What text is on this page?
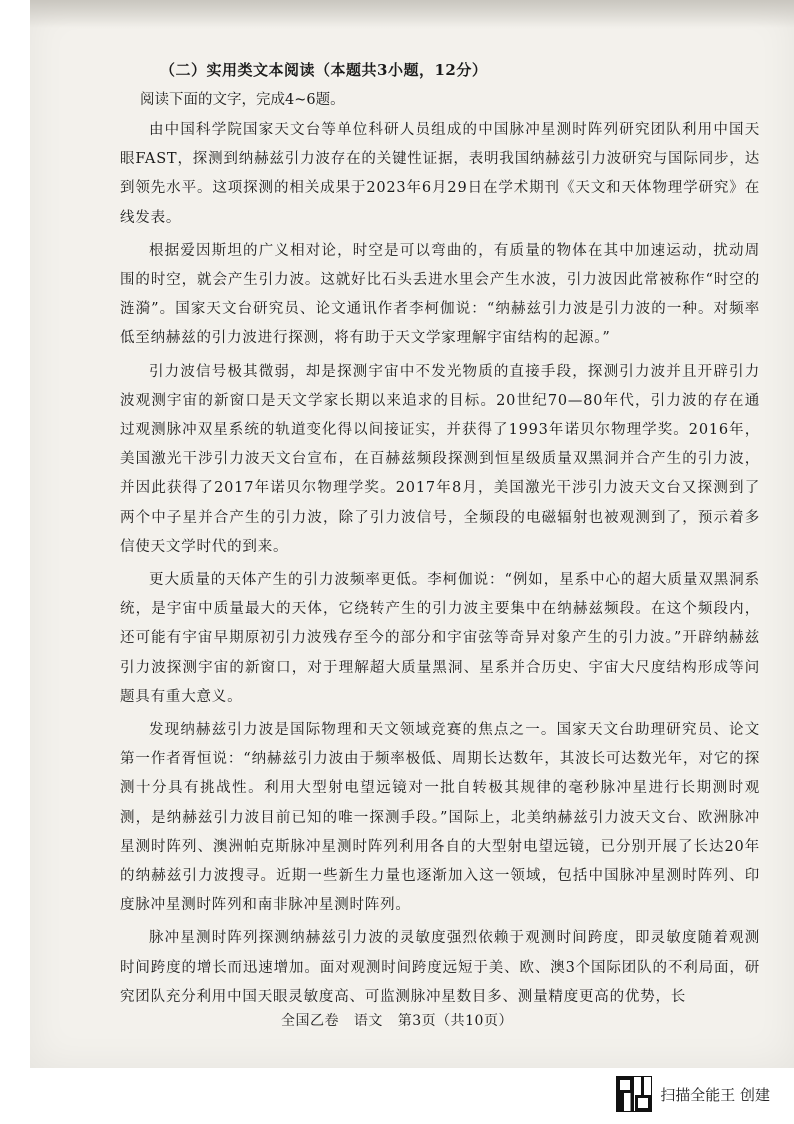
（二）实用类文本阅读（本题共3小题，12分）
阅读下面的文字，完成4~6题。

由中国科学院国家天文台等单位科研人员组成的中国脉冲星测时阵列研究团队利用中国天眼FAST，探测到纳赫兹引力波存在的关键性证据，表明我国纳赫兹引力波研究与国际同步，达到领先水平。这项探测的相关成果于2023年6月29日在学术期刊《天文和天体物理学研究》在线发表。

根据爱因斯坦的广义相对论，时空是可以弯曲的，有质量的物体在其中加速运动，扰动周围的时空，就会产生引力波。这就好比石头丢进水里会产生水波，引力波因此常被称作“时空的涟漪”。国家天文台研究员、论文通讯作者李柯伽说：“纳赫兹引力波是引力波的一种。对频率低至纳赫兹的引力波进行探测，将有助于天文学家理解宇宙结构的起源。”

引力波信号极其微弱，却是探测宇宙中不发光物质的直接手段，探测引力波并且开辟引力波观测宇宙的新窗口是天文学家长期以来追求的目标。20世纪70—80年代，引力波的存在通过观测脉冲双星系统的轨道变化得以间接证实，并获得了1993年诺贝尔物理学奖。2016年，美国激光干涉引力波天文台宣布，在百赫兹频段探测到恒星级质量双黑洞并合产生的引力波，并因此获得了2017年诺贝尔物理学奖。2017年8月，美国激光干涉引力波天文台又探测到了两个中子星并合产生的引力波，除了引力波信号，全频段的电磁辐射也被观测到了，预示着多信使天文学时代的到来。

更大质量的天体产生的引力波频率更低。李柯伽说：“例如，星系中心的超大质量双黑洞系统，是宇宙中质量最大的天体，它绕转产生的引力波主要集中在纳赫兹频段。在这个频段内，还可能有宇宙早期原初引力波残存至今的部分和宇宙弦等奇异对象产生的引力波。”开辟纳赫兹引力波探测宇宙的新窗口，对于理解超大质量黑洞、星系并合历史、宇宙大尺度结构形成等问题具有重大意义。

发现纳赫兹引力波是国际物理和天文领域竞赛的焦点之一。国家天文台助理研究员、论文第一作者胥恒说：“纳赫兹引力波由于频率极低、周期长达数年，其波长可达数光年，对它的探测十分具有挑战性。利用大型射电望远镜对一批自转极其规律的毫秒脉冲星进行长期测时观测，是纳赫兹引力波目前已知的唯一探测手段。”国际上，北美纳赫兹引力波天文台、欧洲脉冲星测时阵列、澳洲帕克斯脉冲星测时阵列利用各自的大型射电望远镜，已分别开展了长达20年的纳赫兹引力波搜寻。近期一些新生力量也逐渐加入这一领域，包括中国脉冲星测时阵列、印度脉冲星测时阵列和南非脉冲星测时阵列。

脉冲星测时阵列探测纳赫兹引力波的灵敏度强烈依赖于观测时间跨度，即灵敏度随着观测时间跨度的增长而迅速增加。面对观测时间跨度远短于美、欧、澳3个国际团队的不利局面，研究团队充分利用中国天眼灵敏度高、可监测脉冲星数目多、测量精度更高的优势，长

全国乙卷 语文 第3页（共10页）
扫描全能王 创建
